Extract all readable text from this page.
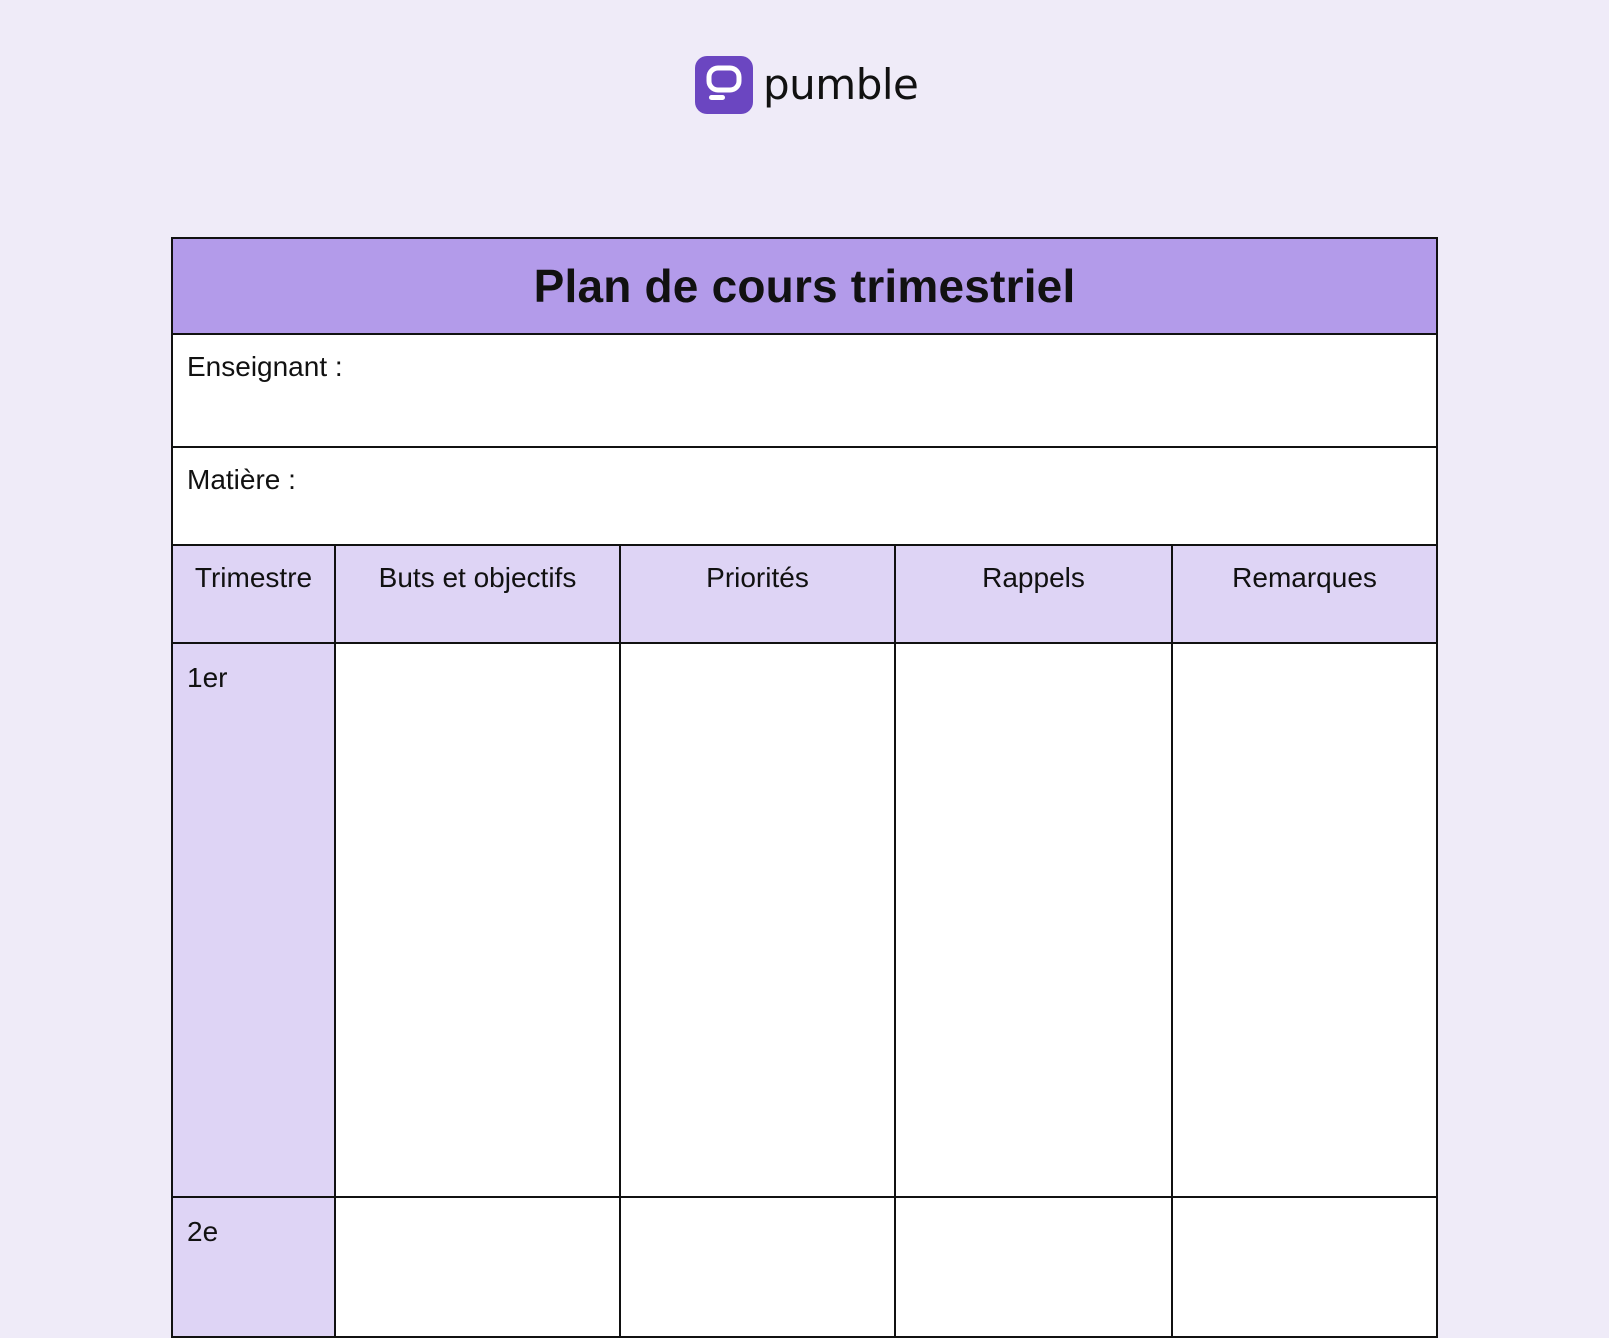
pumble
Plan de cours trimestriel				
Enseignant :				
Matière :				
Trimestre	Buts et objectifs	Priorités	Rappels	Remarques
1er				
2e				
